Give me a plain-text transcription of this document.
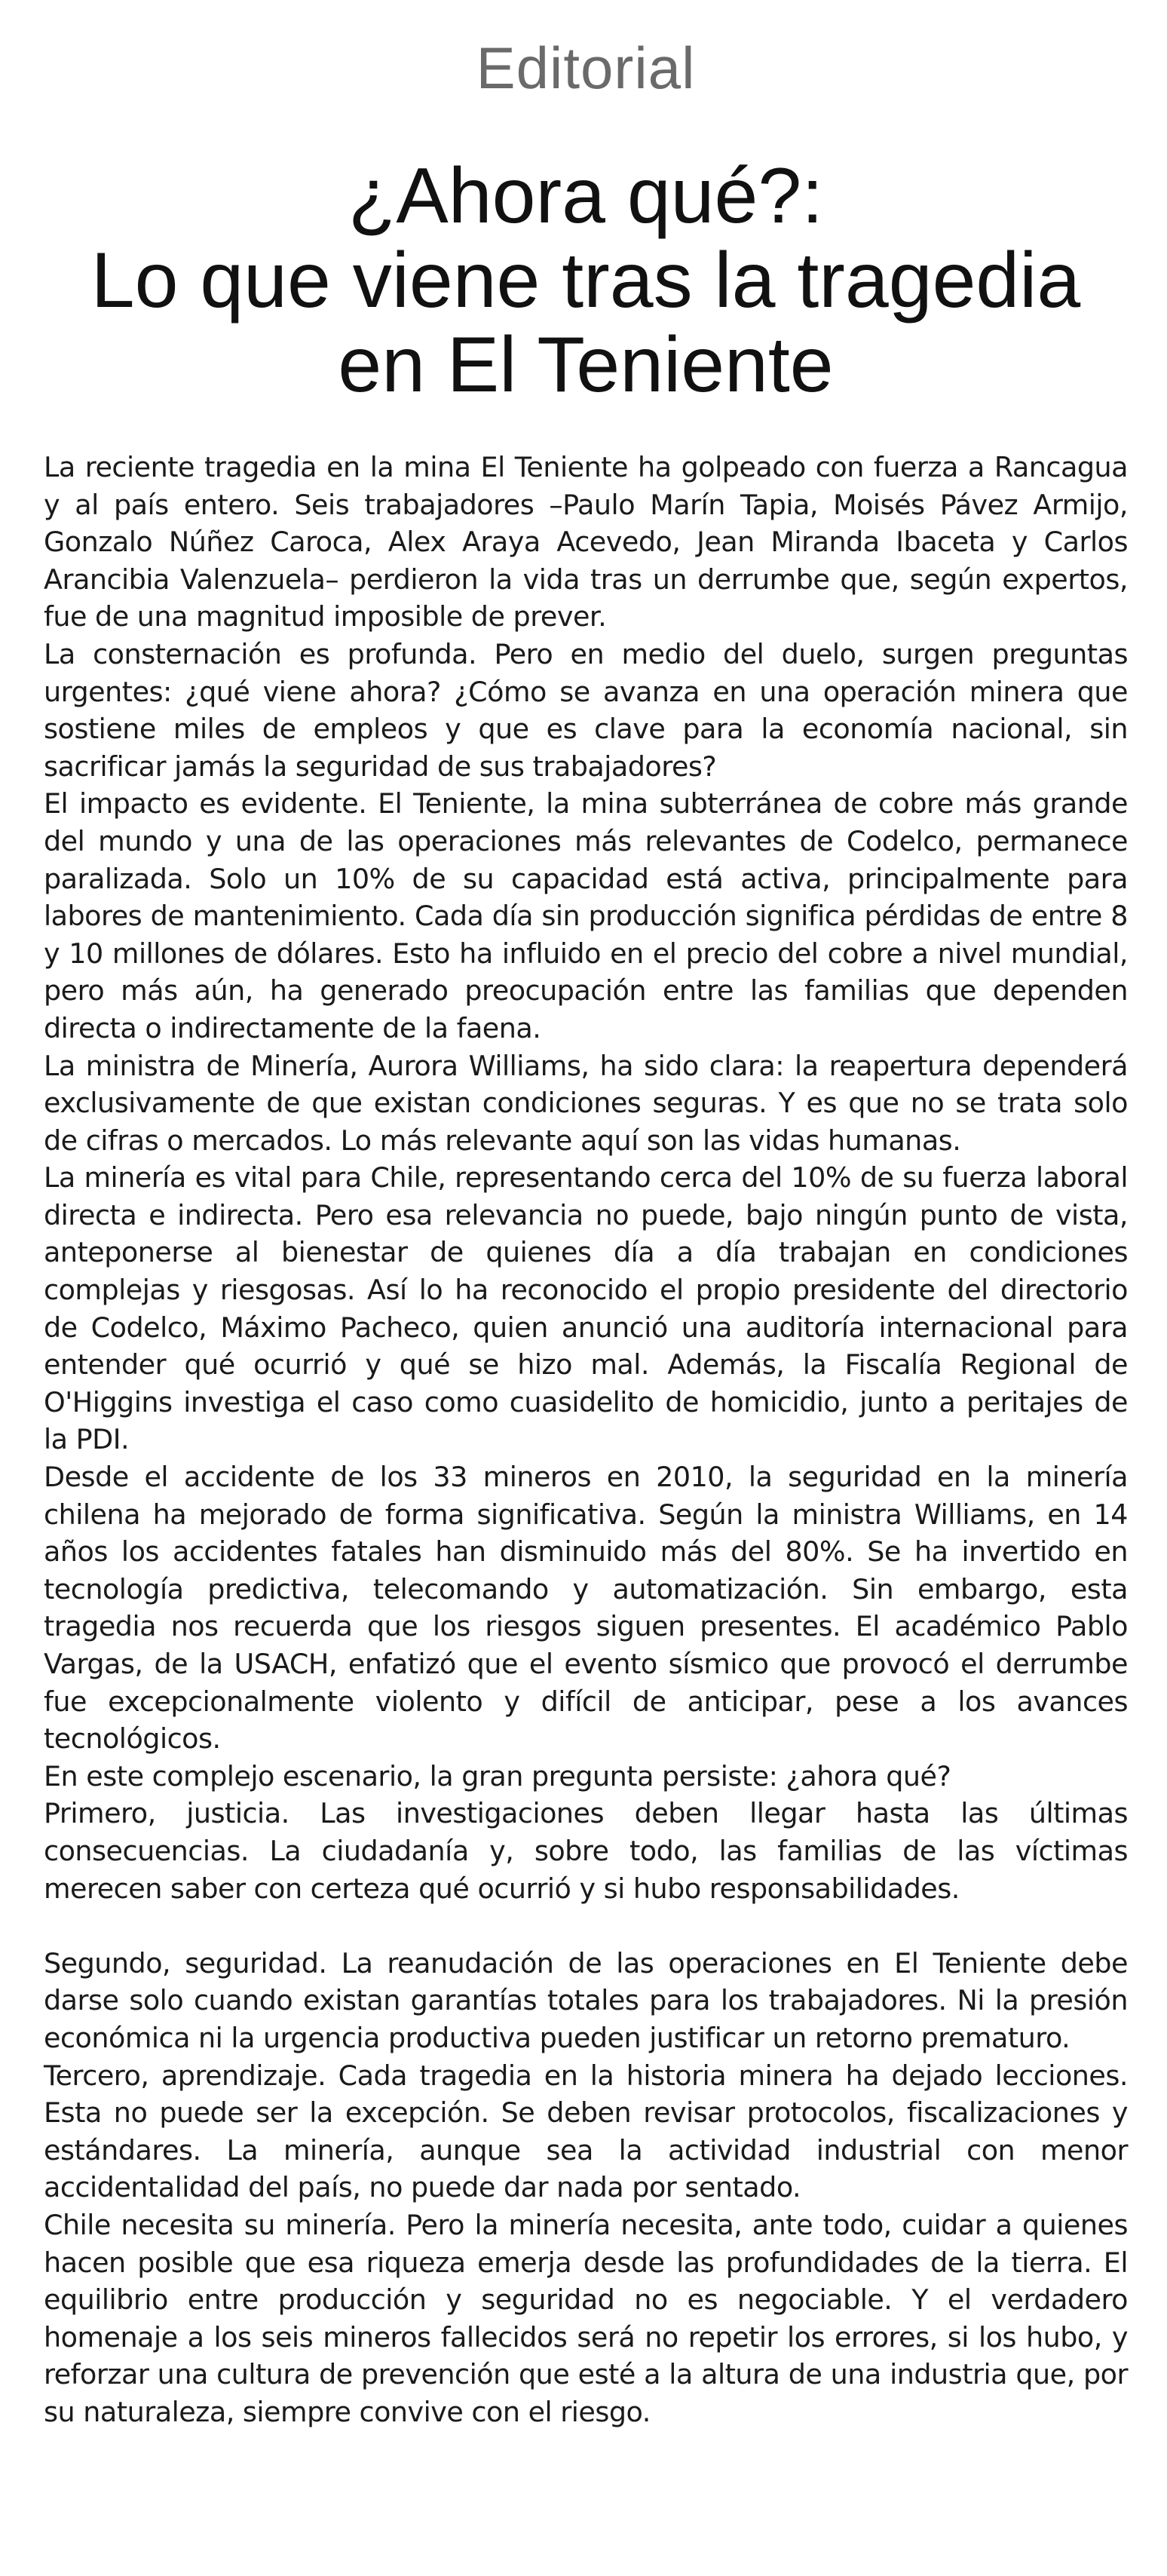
Editorial
¿Ahora qué?:
Lo que viene tras la tragedia
en El Teniente

La reciente tragedia en la mina El Teniente ha golpeado con fuerza a Rancagua y al país entero. Seis trabajadores –Paulo Marín Tapia, Moisés Pávez Armijo, Gonzalo Núñez Caroca, Alex Araya Acevedo, Jean Miranda Ibaceta y Carlos Arancibia Valenzuela– perdieron la vida tras un derrumbe que, según expertos, fue de una magnitud imposible de prever.

La consternación es profunda. Pero en medio del duelo, surgen preguntas urgentes: ¿qué viene ahora? ¿Cómo se avanza en una operación minera que sostiene miles de empleos y que es clave para la economía nacional, sin sacrificar jamás la seguridad de sus trabajadores?

El impacto es evidente. El Teniente, la mina subterránea de cobre más grande del mundo y una de las operaciones más relevantes de Codelco, permanece paralizada. Solo un 10% de su capacidad está activa, principalmente para labores de mantenimiento. Cada día sin producción significa pérdidas de entre 8 y 10 millones de dólares. Esto ha influido en el precio del cobre a nivel mundial, pero más aún, ha generado preocupación entre las familias que dependen directa o indirectamente de la faena.

La ministra de Minería, Aurora Williams, ha sido clara: la reapertura dependerá exclusivamente de que existan condiciones seguras. Y es que no se trata solo de cifras o mercados. Lo más relevante aquí son las vidas humanas.

La minería es vital para Chile, representando cerca del 10% de su fuerza laboral directa e indirecta. Pero esa relevancia no puede, bajo ningún punto de vista, anteponerse al bienestar de quienes día a día trabajan en condiciones complejas y riesgosas. Así lo ha reconocido el propio presidente del directorio de Codelco, Máximo Pacheco, quien anunció una auditoría internacional para entender qué ocurrió y qué se hizo mal. Además, la Fiscalía Regional de O'Higgins investiga el caso como cuasidelito de homicidio, junto a peritajes de la PDI.

Desde el accidente de los 33 mineros en 2010, la seguridad en la minería chilena ha mejorado de forma significativa. Según la ministra Williams, en 14 años los accidentes fatales han disminuido más del 80%. Se ha invertido en tecnología predictiva, telecomando y automatización. Sin embargo, esta tragedia nos recuerda que los riesgos siguen presentes. El académico Pablo Vargas, de la USACH, enfatizó que el evento sísmico que provocó el derrumbe fue excepcionalmente violento y difícil de anticipar, pese a los avances tecnológicos.

En este complejo escenario, la gran pregunta persiste: ¿ahora qué?

Primero, justicia. Las investigaciones deben llegar hasta las últimas consecuencias. La ciudadanía y, sobre todo, las familias de las víctimas merecen saber con certeza qué ocurrió y si hubo responsabilidades.

Segundo, seguridad. La reanudación de las operaciones en El Teniente debe darse solo cuando existan garantías totales para los trabajadores. Ni la presión económica ni la urgencia productiva pueden justificar un retorno prematuro.

Tercero, aprendizaje. Cada tragedia en la historia minera ha dejado lecciones. Esta no puede ser la excepción. Se deben revisar protocolos, fiscalizaciones y estándares. La minería, aunque sea la actividad industrial con menor accidentalidad del país, no puede dar nada por sentado.

Chile necesita su minería. Pero la minería necesita, ante todo, cuidar a quienes hacen posible que esa riqueza emerja desde las profundidades de la tierra. El equilibrio entre producción y seguridad no es negociable. Y el verdadero homenaje a los seis mineros fallecidos será no repetir los errores, si los hubo, y reforzar una cultura de prevención que esté a la altura de una industria que, por su naturaleza, siempre convive con el riesgo.
